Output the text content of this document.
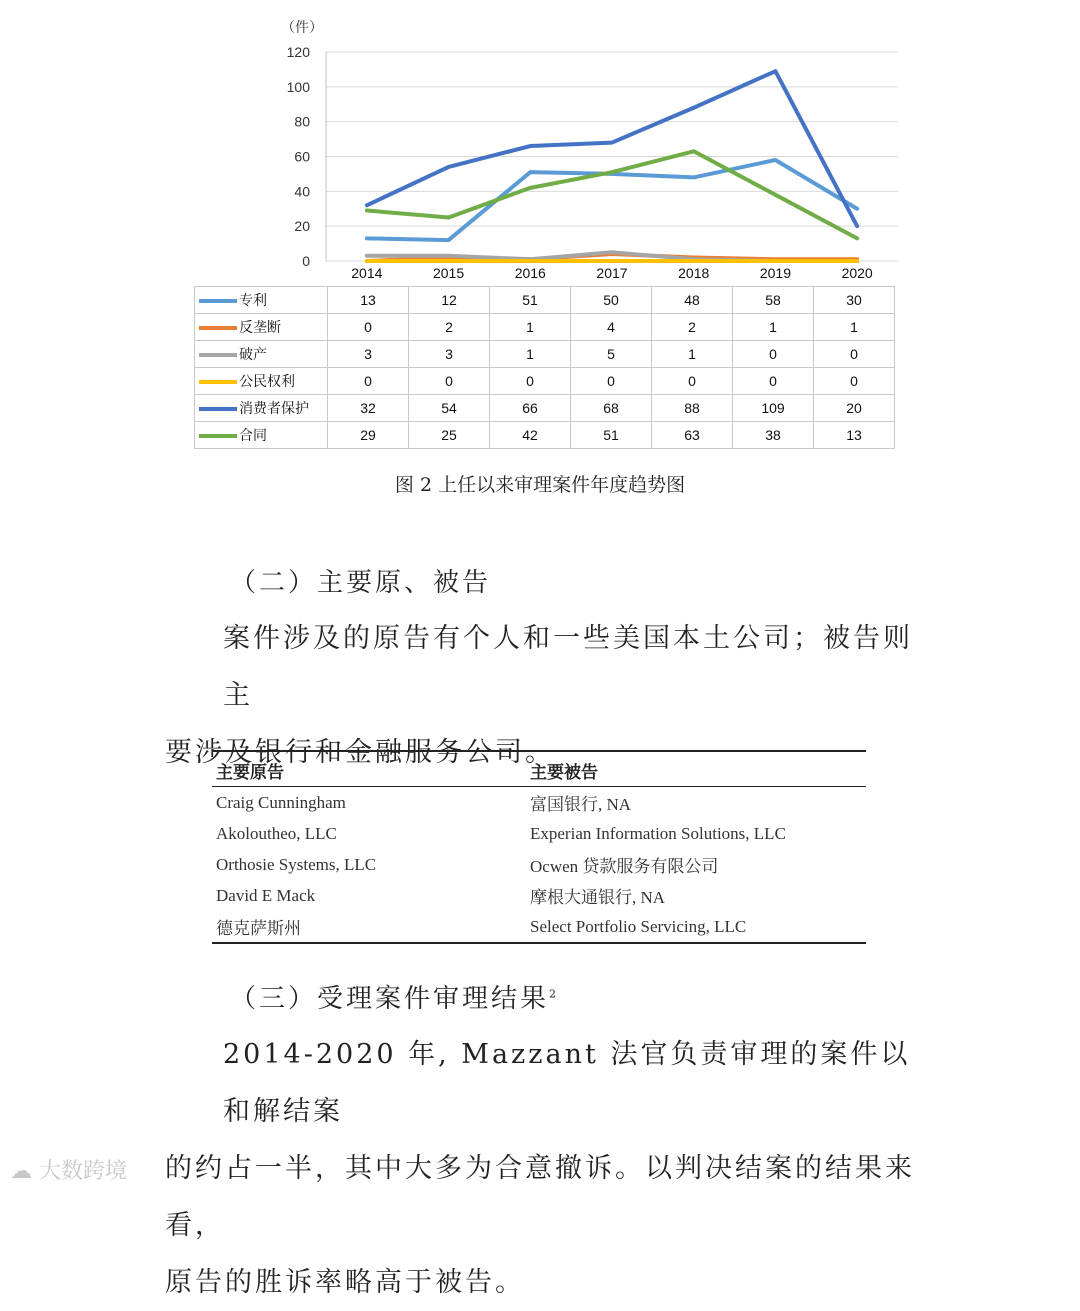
0
20
40
60
80
100
120
（件）
2014	2015	2016	2017	2018	2019	2020
专利	13	12	51	50	48	58	30
反垄断	0	2	1	4	2	1	1
破产	3	3	1	5	1	0	0
公民权利	0	0	0	0	0	0	0
消费者保护	32	54	66	68	88	109	20
合同	29	25	42	51	63	38	13
图 2 上任以来审理案件年度趋势图
（二）主要原、被告
案件涉及的原告有个人和一些美国本土公司；被告则主
要涉及银行和金融服务公司。
主要原告	主要被告
Craig Cunningham	富国银行, NA
Akoloutheo, LLC	Experian Information Solutions, LLC
Orthosie Systems, LLC	Ocwen 贷款服务有限公司
David E Mack	摩根大通银行, NA
德克萨斯州	Select Portfolio Servicing, LLC
（三）受理案件审理结果$^2$
2014-2020 年, Mazzant 法官负责审理的案件以和解结案
的约占一半，其中大多为合意撤诉。以判决结案的结果来看，
原告的胜诉率略高于被告。
☁ 大数跨境
